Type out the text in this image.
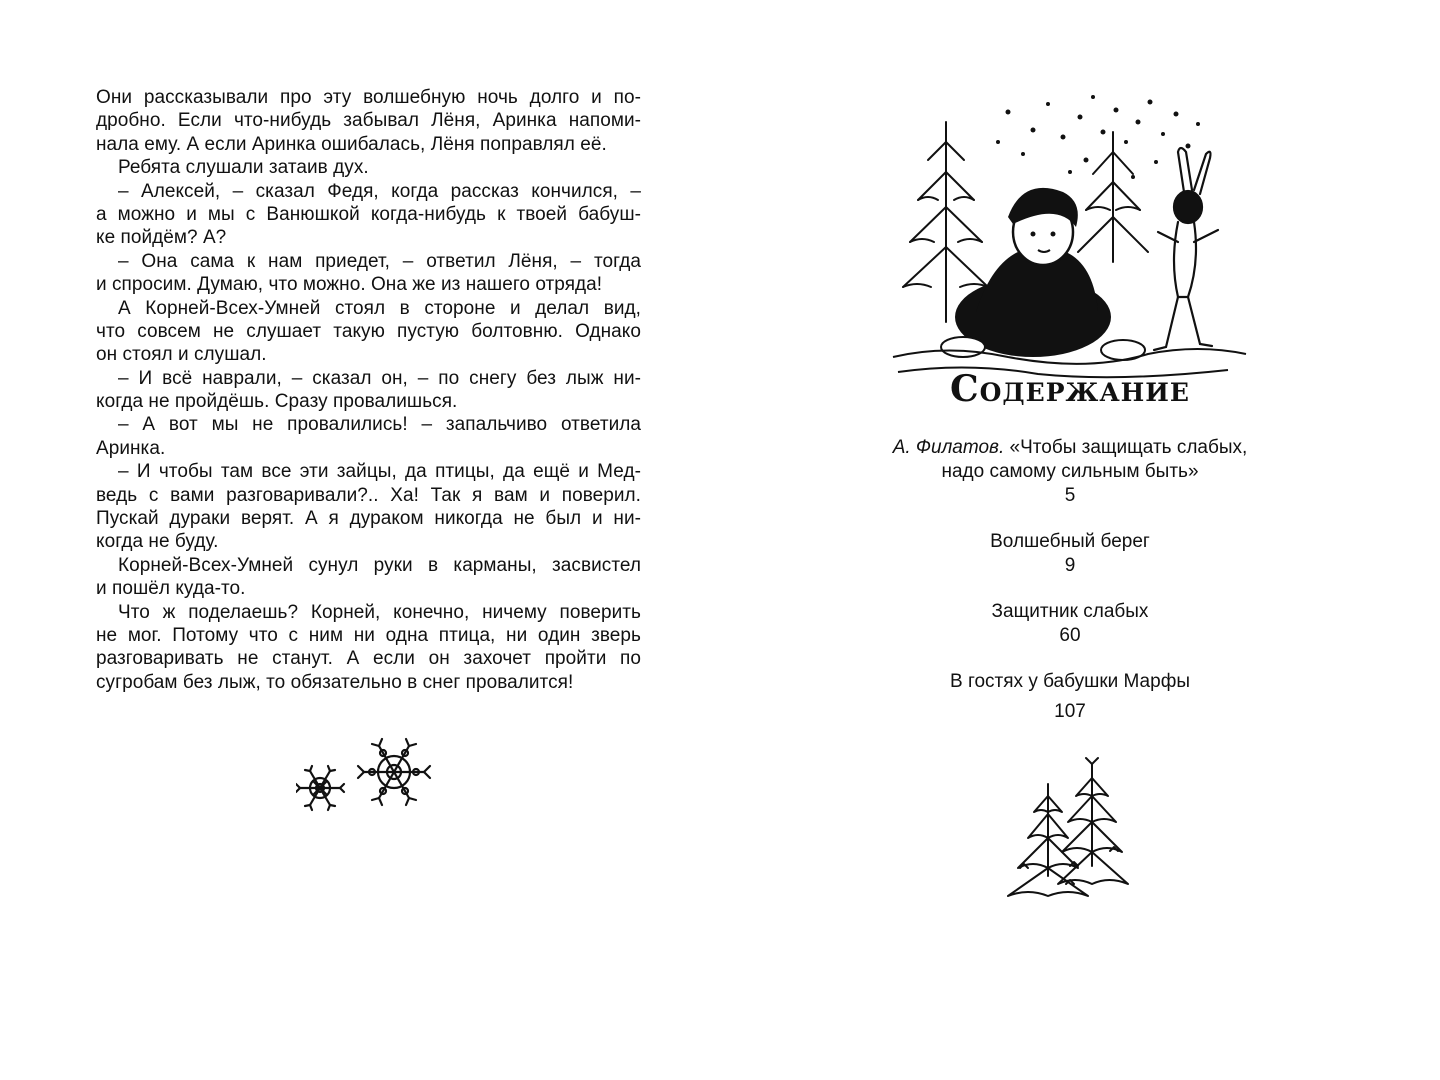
Они рассказывали про эту волшебную ночь долго и по-
дробно. Если что-нибудь забывал Лёня, Аринка напоми-
нала ему. А если Аринка ошибалась, Лёня поправлял её.
Ребята слушали затаив дух.
– Алексей, – сказал Федя, когда рассказ кончился, –
а можно и мы с Ванюшкой когда-нибудь к твоей бабуш-
ке пойдём? А?
– Она сама к нам приедет, – ответил Лёня, – тогда
и спросим. Думаю, что можно. Она же из нашего отряда!
А Корней-Всех-Умней стоял в стороне и делал вид,
что совсем не слушает такую пустую болтовню. Однако
он стоял и слушал.
– И всё наврали, – сказал он, – по снегу без лыж ни-
когда не пройдёшь. Сразу провалишься.
– А вот мы не провалились! – запальчиво ответила
Аринка.
– И чтобы там все эти зайцы, да птицы, да ещё и Мед-
ведь с вами разговаривали?.. Ха! Так я вам и поверил.
Пускай дураки верят. А я дураком никогда не был и ни-
когда не буду.
Корней-Всех-Умней сунул руки в карманы, засвистел
и пошёл куда-то.
Что ж поделаешь? Корней, конечно, ничему поверить
не мог. Потому что с ним ни одна птица, ни один зверь
разговаривать не станут. А если он захочет пройти по
сугробам без лыж, то обязательно в снег провалится!
Содержание
А. Филатов. «Чтобы защищать слабых,
надо самому сильным быть»
5
Волшебный берег
9
Защитник слабых
60
В гостях у бабушки Марфы
107
